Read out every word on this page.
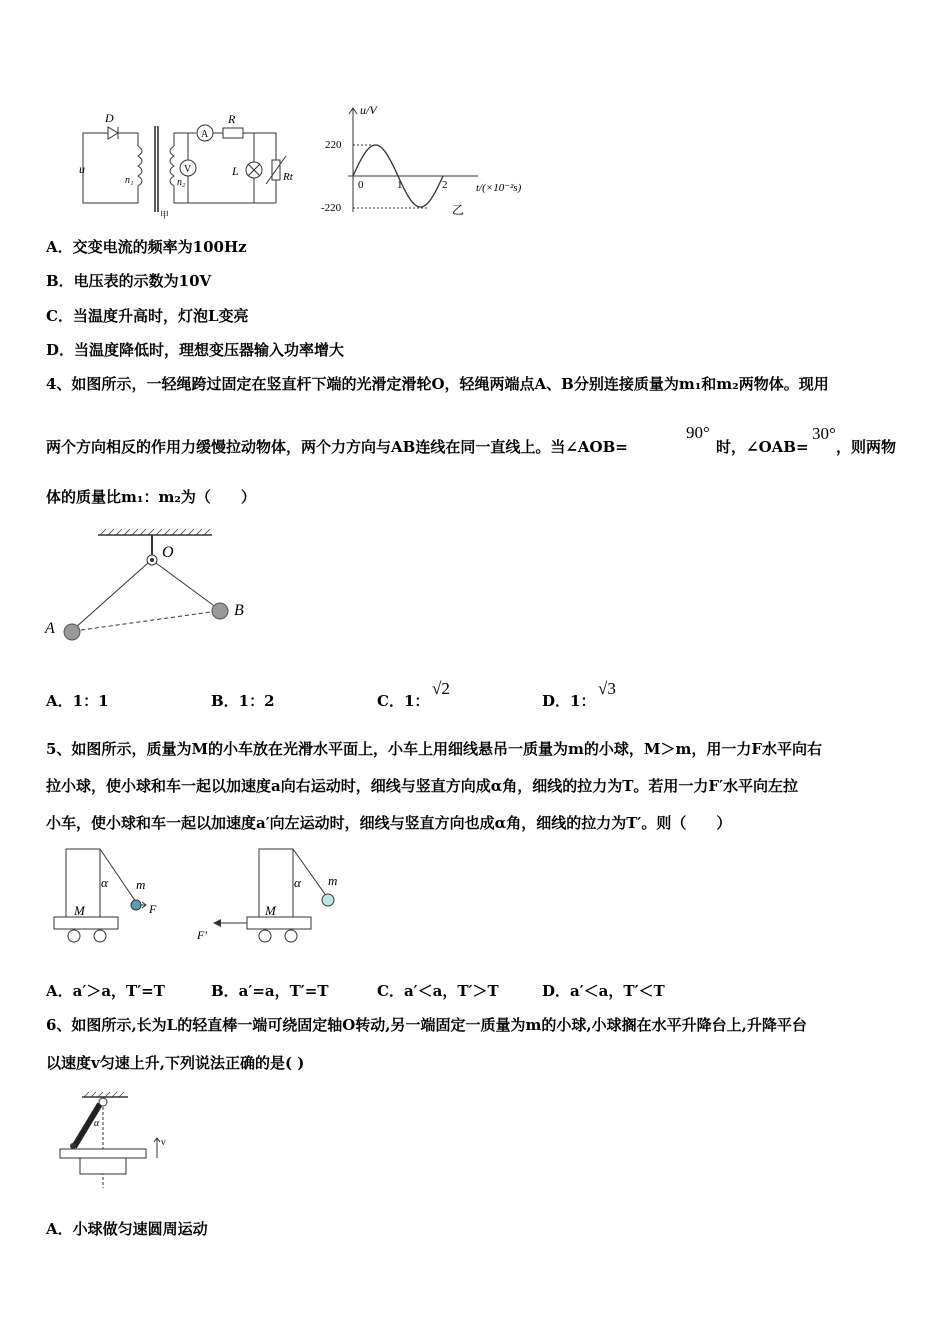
D
u
n₁	n₂
A
V
R
L	Rt
甲
u/V
220
-220
0	1	2	t/(×10⁻²s)
乙
A．交变电流的频率为100Hz
B．电压表的示数为10V
C．当温度升高时，灯泡L变亮
D．当温度降低时，理想变压器输入功率增大
4、如图所示，一轻绳跨过固定在竖直杆下端的光滑定滑轮O，轻绳两端点A、B分别连接质量为m₁和m₂两物体。现用
两个方向相反的作用力缓慢拉动物体，两个力方向与AB连线在同一直线上。当∠AOB=
90°
时，∠OAB=
30°
，则两物
体的质量比m₁：m₂为（　　）
O
A
B
A．1：1	B．1：2	C．1：
√2
D．1：
√3
5、如图所示，质量为M的小车放在光滑水平面上，小车上用细线悬吊一质量为m的小球，M＞m，用一力F水平向右
拉小球，使小球和车一起以加速度a向右运动时，细线与竖直方向成α角，细线的拉力为T。若用一力F′水平向左拉
小车，使小球和车一起以加速度a′向左运动时，细线与竖直方向也成α角，细线的拉力为T′。则（　　）
α m
M	F
α m
M
F′
A．a′＞a，T′=T	B．a′=a，T′=T	C．a′＜a，T′＞T	D．a′＜a，T′＜T
6、如图所示,长为L的轻直棒一端可绕固定轴O转动,另一端固定一质量为m的小球,小球搁在水平升降台上,升降平台
以速度v匀速上升,下列说法正确的是( )
α
v
A．小球做匀速圆周运动
